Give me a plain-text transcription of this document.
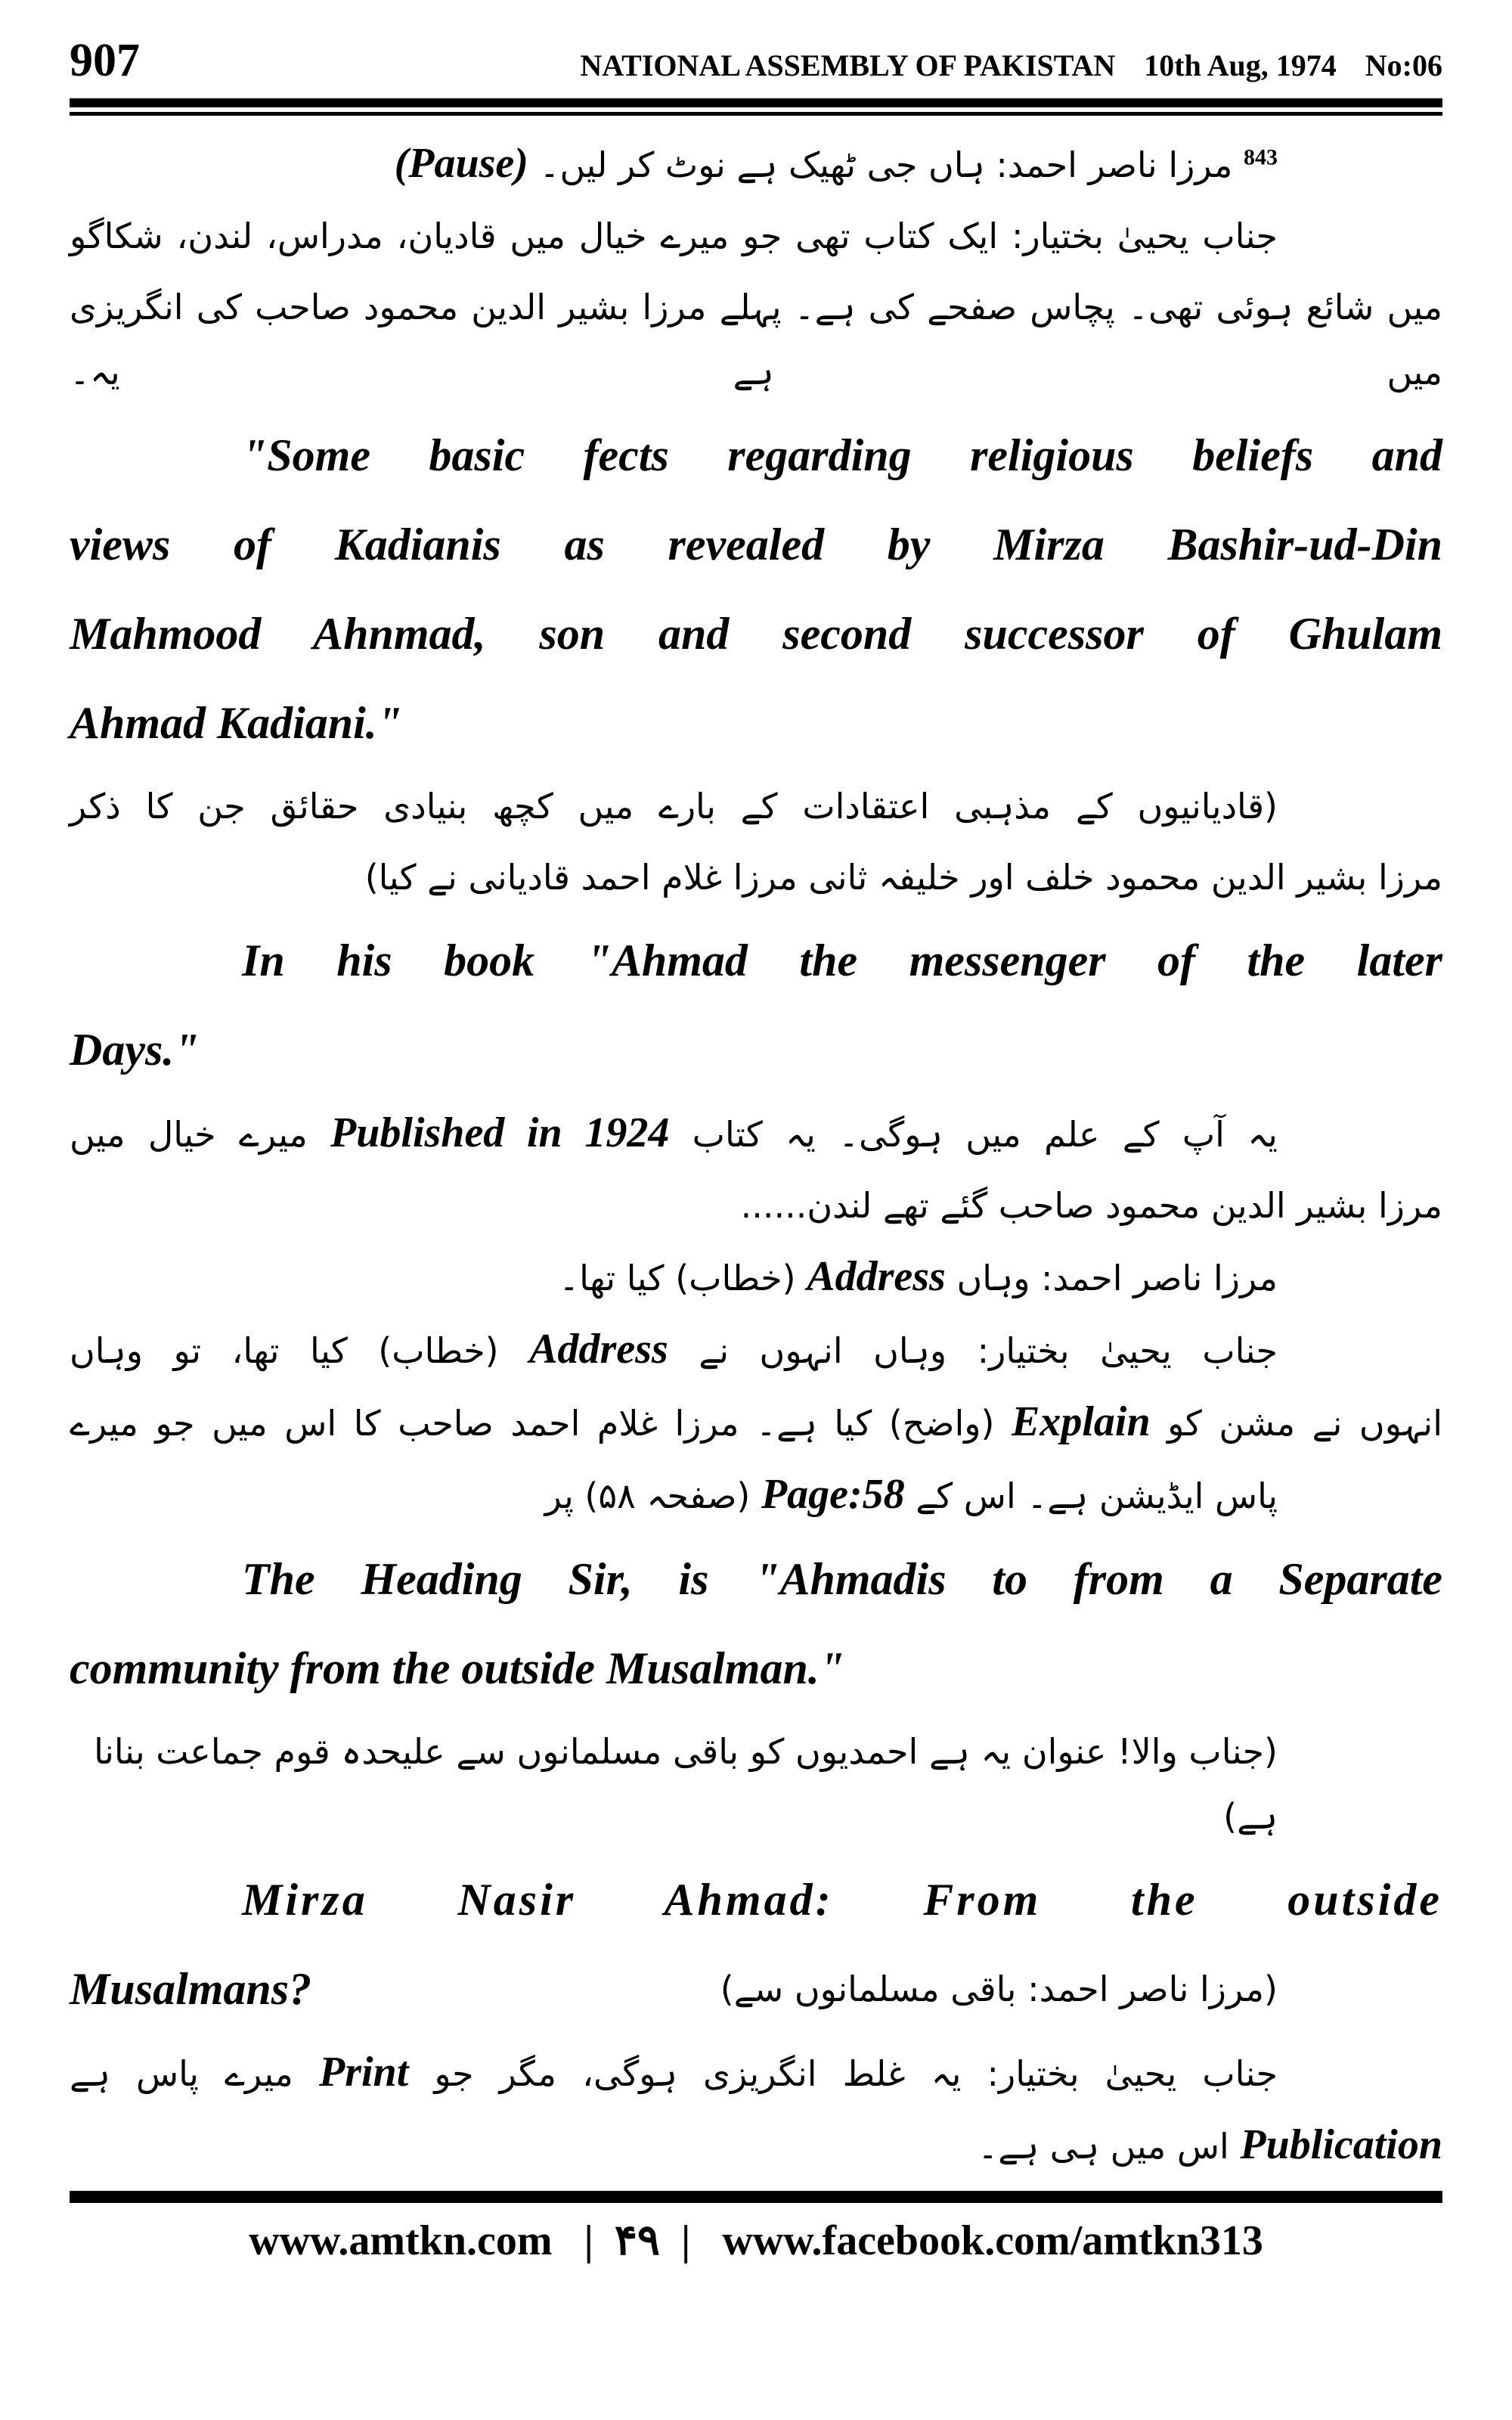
907	NATIONAL ASSEMBLY OF PAKISTAN 10th Aug, 1974 No:06
$^{843}$ مرزا ناصر احمد: ہاں جی ٹھیک ہے نوٹ کر لیں۔ (Pause)
جناب یحییٰ بختیار: ایک کتاب تھی جو میرے خیال میں قادیان، مدراس، لندن، شکاگو
میں شائع ہوئی تھی۔ پچاس صفحے کی ہے۔ پہلے مرزا بشیر الدین محمود صاحب کی انگریزی میں ہے یہ۔
"Some basic fects regarding religious beliefs and
views of Kadianis as revealed by Mirza Bashir-ud-Din
Mahmood Ahnmad, son and second successor of Ghulam
Ahmad Kadiani."
(قادیانیوں کے مذہبی اعتقادات کے بارے میں کچھ بنیادی حقائق جن کا ذکر
مرزا بشیر الدین محمود خلف اور خلیفہ ثانی مرزا غلام احمد قادیانی نے کیا)
In his book "Ahmad the messenger of the later
Days."
یہ آپ کے علم میں ہوگی۔ یہ کتاب Published in 1924 میرے خیال میں
مرزا بشیر الدین محمود صاحب گئے تھے لندن......
مرزا ناصر احمد: وہاں Address (خطاب) کیا تھا۔
جناب یحییٰ بختیار: وہاں انہوں نے Address (خطاب) کیا تھا، تو وہاں
انہوں نے مشن کو Explain (واضح) کیا ہے۔ مرزا غلام احمد صاحب کا اس میں جو میرے
پاس ایڈیشن ہے۔ اس کے Page:58 (صفحہ ۵۸) پر
The Heading Sir, is "Ahmadis to from a Separate
community from the outside Musalman."
(جناب والا! عنوان یہ ہے احمدیوں کو باقی مسلمانوں سے علیحدہ قوم جماعت بنانا ہے)
Mirza Nasir Ahmad: From the outside
Musalmans?	(مرزا ناصر احمد: باقی مسلمانوں سے)
جناب یحییٰ بختیار: یہ غلط انگریزی ہوگی، مگر جو Print میرے پاس ہے
Publication اس میں ہی ہے۔
www.amtkn.com   |  ۴۹  |   www.facebook.com/amtkn313
